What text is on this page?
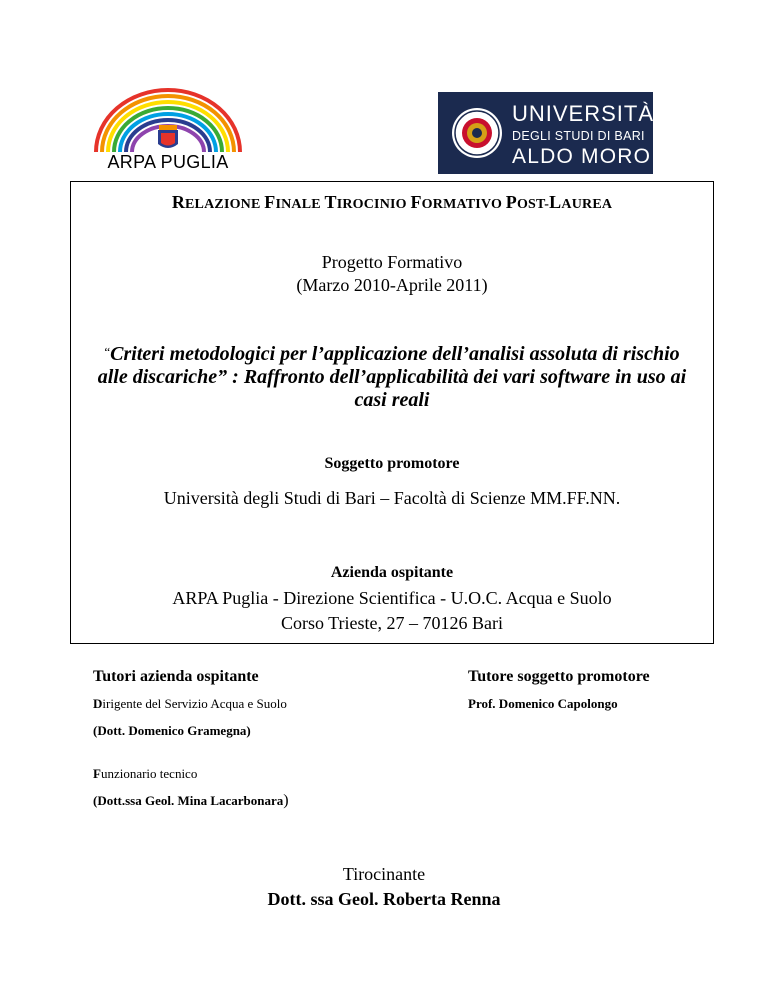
ARPA PUGLIA
UNIVERSITÀ
DEGLI STUDI DI BARI
ALDO MORO
RELAZIONE FINALE TIROCINIO FORMATIVO POST-LAUREA
Progetto Formativo
(Marzo 2010-Aprile 2011)
“Criteri metodologici per l’applicazione dell’analisi assoluta di rischio
alle discariche” : Raffronto dell’applicabilità dei vari software in uso ai
casi reali
Soggetto promotore
Università degli Studi di Bari – Facoltà di Scienze MM.FF.NN.
Azienda ospitante
ARPA Puglia - Direzione Scientifica - U.O.C. Acqua e Suolo
Corso Trieste, 27 – 70126 Bari
Tutori azienda ospitante	Tutore soggetto promotore
Dirigente del Servizio Acqua e Suolo	Prof. Domenico Capolongo
(Dott. Domenico Gramegna)
Funzionario tecnico
(Dott.ssa Geol. Mina Lacarbonara)
Tirocinante
Dott. ssa Geol. Roberta Renna
